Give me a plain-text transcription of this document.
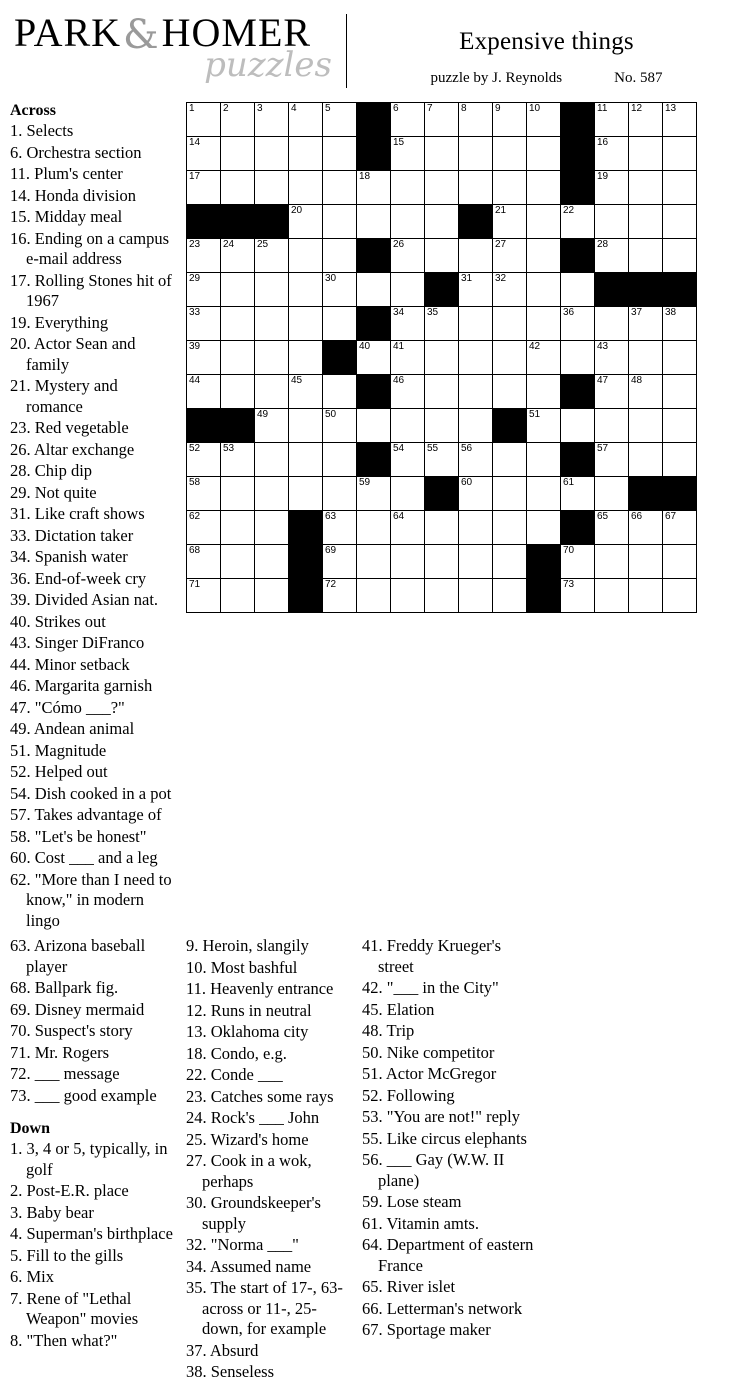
PARK&HOMER
puzzles
Expensive things
puzzle by J. Reynolds	No. 587
Across
1. Selects
6. Orchestra section
11. Plum's center
14. Honda division
15. Midday meal
16. Ending on a campus e-mail address
17. Rolling Stones hit of 1967
19. Everything
20. Actor Sean and family
21. Mystery and romance
23. Red vegetable
26. Altar exchange
28. Chip dip
29. Not quite
31. Like craft shows
33. Dictation taker
34. Spanish water
36. End-of-week cry
39. Divided Asian nat.
40. Strikes out
43. Singer DiFranco
44. Minor setback
46. Margarita garnish
47. "Cómo ___?"
49. Andean animal
51. Magnitude
52. Helped out
54. Dish cooked in a pot
57. Takes advantage of
58. "Let's be honest"
60. Cost ___ and a leg
62. "More than I need to know," in modern lingo
1	2	3	4	5		6	7	8	9	10		11	12	13

14						15						16		

17					18							19		

			20						21		22			

23	24	25				26			27			28		

29				30				31	32					

33						34	35				36		37	38

39					40	41				42		43		

44			45			46						47	48	

		49		50						51				

52	53					54	55	56				57		

58					59			60			61			

62				63		64						65	66	67

68				69							70			

71				72							73			

63. Arizona baseball player
68. Ballpark fig.
69. Disney mermaid
70. Suspect's story
71. Mr. Rogers
72. ___ message
73. ___ good example
Down
1. 3, 4 or 5, typically, in golf
2. Post-E.R. place
3. Baby bear
4. Superman's birthplace
5. Fill to the gills
6. Mix
7. Rene of "Lethal Weapon" movies
8. "Then what?"
9. Heroin, slangily
10. Most bashful
11. Heavenly entrance
12. Runs in neutral
13. Oklahoma city
18. Condo, e.g.
22. Conde ___
23. Catches some rays
24. Rock's ___ John
25. Wizard's home
27. Cook in a wok, perhaps
30. Groundskeeper's supply
32. "Norma ___"
34. Assumed name
35. The start of 17-, 63-across or 11-, 25-down, for example
37. Absurd
38. Senseless
41. Freddy Krueger's street
42. "___ in the City"
45. Elation
48. Trip
50. Nike competitor
51. Actor McGregor
52. Following
53. "You are not!" reply
55. Like circus elephants
56. ___ Gay (W.W. II plane)
59. Lose steam
61. Vitamin amts.
64. Department of eastern France
65. River islet
66. Letterman's network
67. Sportage maker
